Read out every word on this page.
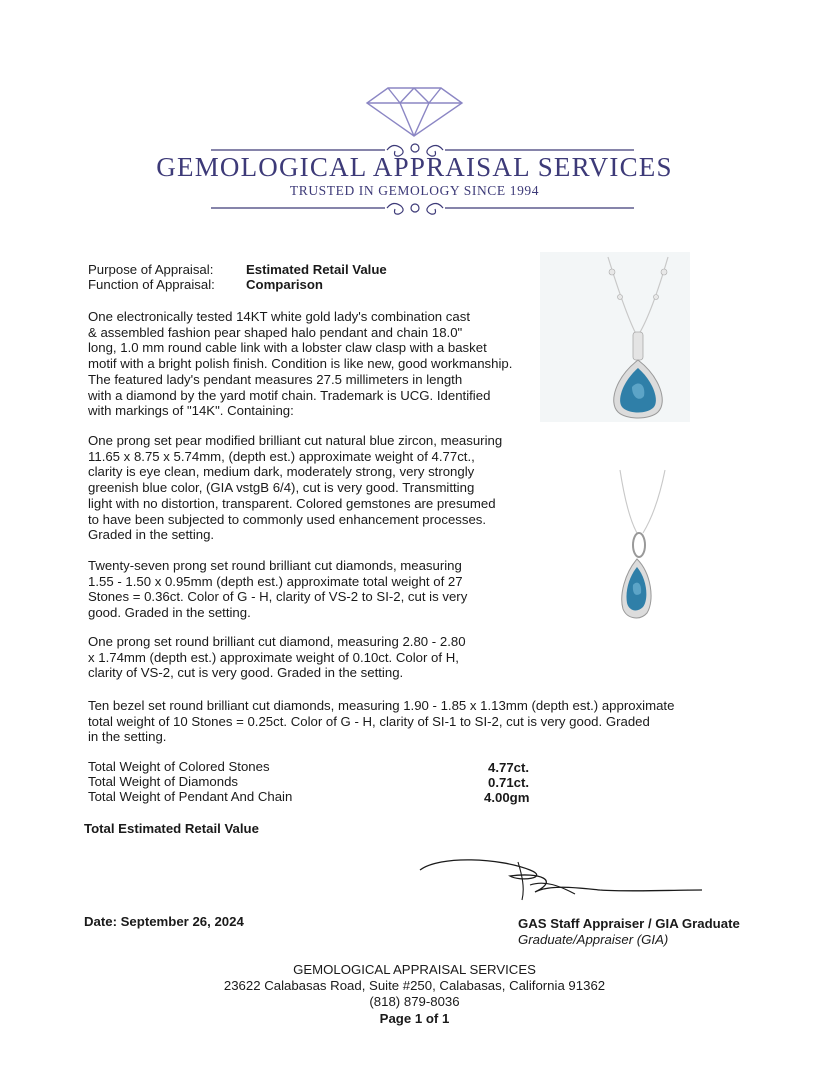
GEMOLOGICAL APPRAISAL SERVICES
TRUSTED IN GEMOLOGY SINCE 1994
Purpose of Appraisal: Estimated Retail Value
Function of Appraisal: Comparison
One electronically tested 14KT white gold lady's combination cast
& assembled fashion pear shaped halo pendant and chain 18.0"
long, 1.0 mm round cable link with a lobster claw clasp with a basket
motif with a bright polish finish. Condition is like new, good workmanship.
The featured lady's pendant measures 27.5 millimeters in length
with a diamond by the yard motif chain. Trademark is UCG. Identified
with markings of "14K". Containing:
One prong set pear modified brilliant cut natural blue zircon, measuring
11.65 x 8.75 x 5.74mm, (depth est.) approximate weight of 4.77ct.,
clarity is eye clean, medium dark, moderately strong, very strongly
greenish blue color, (GIA vstgB 6/4), cut is very good. Transmitting
light with no distortion, transparent. Colored gemstones are presumed
to have been subjected to commonly used enhancement processes.
Graded in the setting.
Twenty-seven prong set round brilliant cut diamonds, measuring
1.55 - 1.50 x 0.95mm (depth est.) approximate total weight of 27
Stones = 0.36ct. Color of G - H, clarity of VS-2 to SI-2, cut is very
good. Graded in the setting.
One prong set round brilliant cut diamond, measuring 2.80 - 2.80
x 1.74mm (depth est.) approximate weight of 0.10ct. Color of H,
clarity of VS-2, cut is very good. Graded in the setting.
Ten bezel set round brilliant cut diamonds, measuring 1.90 - 1.85 x 1.13mm (depth est.) approximate
total weight of 10 Stones = 0.25ct. Color of G - H, clarity of SI-1 to SI-2, cut is very good. Graded
in the setting.
Total Weight of Colored Stones	4.77ct.
Total Weight of Diamonds	0.71ct.
Total Weight of Pendant And Chain	4.00gm
Total Estimated Retail Value
Date: September 26, 2024	GAS Staff Appraiser / GIA Graduate
Graduate/Appraiser (GIA)
GEMOLOGICAL APPRAISAL SERVICES
23622 Calabasas Road, Suite #250, Calabasas, California 91362
(818) 879-8036
Page 1 of 1
